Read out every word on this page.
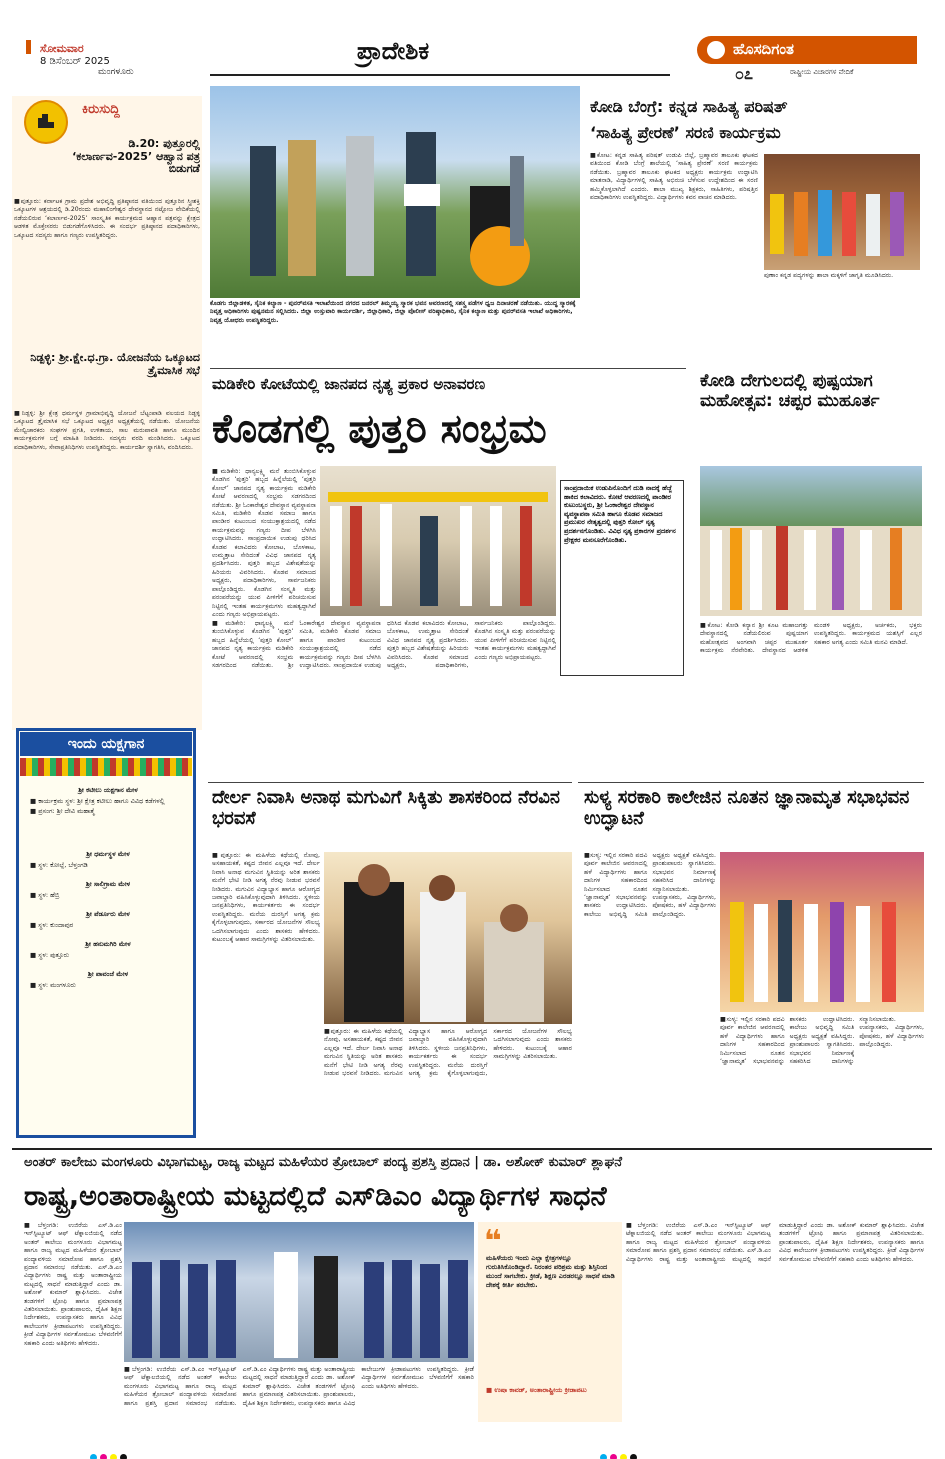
ಸೋಮವಾರ
8 ಡಿಸೆಂಬರ್ 2025
ಮಂಗಳೂರು
ಪ್ರಾದೇಶಿಕ	ಹೊಸದಿಗಂತ
೦೭	ರಾಷ್ಟ್ರೀಯ ವಿಚಾರಗಳ ವೇದಿಕೆ
ಕಿರುಸುದ್ದಿ
ಡಿ.20: ಪುತ್ತೂರಲ್ಲಿ ‘ಕಲಾರ್ಣವ-2025’ ಆಹ್ವಾನ ಪತ್ರ ಬಿಡುಗಡೆ
■ಪುತ್ತೂರು: ಕರ್ನಾಟಕ ಗ್ರಾಮ ಪ್ರದೇಶ ಅಭಿವೃದ್ಧಿ ಪ್ರತಿಷ್ಠಾನದ ವತಿಯಿಂದ ಪುತ್ತೂರಿನ ಸ್ತ್ರೀಶಕ್ತಿ ಒಕ್ಕೂಟಗಳ ಆಶ್ರಯದಲ್ಲಿ ಡಿ.20ರಂದು ಮಹಾಲಿಂಗೇಶ್ವರ ದೇವಸ್ಥಾನದ ನಟ್ಟೋಜ ವೇದಿಕೆಯಲ್ಲಿ ನಡೆಯಲಿರುವ ‘ಕಲಾರ್ಣವ-2025’ ಸಾಂಸ್ಕೃತಿಕ ಕಾರ್ಯಕ್ರಮದ ಆಹ್ವಾನ ಪತ್ರವನ್ನು ಕ್ಷೇತ್ರದ ಆಡಳಿತ ಮೊಕ್ತೇಸರರು ಬಿಡುಗಡೆಗೊಳಿಸಿದರು. ಈ ಸಂದರ್ಭ ಪ್ರತಿಷ್ಠಾನದ ಪದಾಧಿಕಾರಿಗಳು, ಒಕ್ಕೂಟದ ಸದಸ್ಯರು ಹಾಗೂ ಗಣ್ಯರು ಉಪಸ್ಥಿತರಿದ್ದರು.
ನಿಡ್ಪಳ್ಳಿ: ಶ್ರೀ.ಕ್ಷೇ.ಧ.ಗ್ರಾ. ಯೋಜನೆಯ ಒಕ್ಕೂಟದ ತ್ರೈಮಾಸಿಕ ಸಭೆ
■ನಿಡ್ಪಳ್ಳಿ: ಶ್ರೀ ಕ್ಷೇತ್ರ ಧರ್ಮಸ್ಥಳ ಗ್ರಾಮಾಭಿವೃದ್ಧಿ ಯೋಜನೆ ಬೆಟ್ಟಂಪಾಡಿ ವಲಯದ ನಿಡ್ಪಳ್ಳಿ ಒಕ್ಕೂಟದ ತ್ರೈಮಾಸಿಕ ಸಭೆ ಒಕ್ಕೂಟದ ಅಧ್ಯಕ್ಷರ ಅಧ್ಯಕ್ಷತೆಯಲ್ಲಿ ನಡೆಯಿತು. ಯೋಜನೆಯ ಮೇಲ್ವಿಚಾರಕರು ಸಂಘಗಳ ಪ್ರಗತಿ, ಉಳಿತಾಯ, ಸಾಲ ಮರುಪಾವತಿ ಹಾಗೂ ಮುಂದಿನ ಕಾರ್ಯಕ್ರಮಗಳ ಬಗ್ಗೆ ಮಾಹಿತಿ ನೀಡಿದರು. ಸದಸ್ಯರು ವರದಿ ಮಂಡಿಸಿದರು. ಒಕ್ಕೂಟದ ಪದಾಧಿಕಾರಿಗಳು, ಸೇವಾಪ್ರತಿನಿಧಿಗಳು ಉಪಸ್ಥಿತರಿದ್ದರು. ಕಾರ್ಯದರ್ಶಿ ಸ್ವಾಗತಿಸಿ, ವಂದಿಸಿದರು.
ಇಂದು ಯಕ್ಷಗಾನ
ಶ್ರೀ ಕಟೀಲು ಯಕ್ಷಗಾನ ಮೇಳ
■ ಕಾರ್ಯಕ್ರಮ ಸ್ಥಳ: ಶ್ರೀ ಕ್ಷೇತ್ರ ಕಟೀಲು ಹಾಗೂ ವಿವಿಧ ಕಡೆಗಳಲ್ಲಿ
■ ಪ್ರಸಂಗ: ಶ್ರೀ ದೇವಿ ಮಹಾತ್ಮೆ
ಶ್ರೀ ಧರ್ಮಸ್ಥಳ ಮೇಳ
■ ಸ್ಥಳ: ಕೋಲ್ಪೆ, ಬೆಳ್ತಂಗಡಿ
ಶ್ರೀ ಸಾಲಿಗ್ರಾಮ ಮೇಳ
■ ಸ್ಥಳ: ಹೆಬ್ರಿ
ಶ್ರೀ ಪೆರ್ಡೂರು ಮೇಳ
■ ಸ್ಥಳ: ಕುಂದಾಪುರ
ಶ್ರೀ ಹನುಮಗಿರಿ ಮೇಳ
■ ಸ್ಥಳ: ಪುತ್ತೂರು
ಶ್ರೀ ಪಾವಂಜೆ ಮೇಳ
■ ಸ್ಥಳ: ಮಂಗಳೂರು
ಕೊಡಗು ಜಿಲ್ಲಾಡಳಿತ, ಸೈನಿಕ ಕಲ್ಯಾಣ - ಪುನರ್‌ವಸತಿ ಇಲಾಖೆಯಿಂದ ನಗರದ ಜನರಲ್ ತಿಮ್ಮಯ್ಯ ಸ್ಮಾರಕ ಭವನ ಆವರಣದಲ್ಲಿ ಸಶಸ್ತ್ರ ಪಡೆಗಳ ಧ್ವಜ ದಿನಾಚರಣೆ ನಡೆಯಿತು. ಯುದ್ಧ ಸ್ಮಾರಕಕ್ಕೆ ನಿವೃತ್ತ ಅಧಿಕಾರಿಗಳು ಪುಷ್ಪನಮನ ಸಲ್ಲಿಸಿದರು. ಜಿಲ್ಲಾ ಉಸ್ತುವಾರಿ ಕಾರ್ಯದರ್ಶಿ, ಜಿಲ್ಲಾಧಿಕಾರಿ, ಜಿಲ್ಲಾ ಪೊಲೀಸ್ ವರಿಷ್ಠಾಧಿಕಾರಿ, ಸೈನಿಕ ಕಲ್ಯಾಣ ಮತ್ತು ಪುನರ್‌ವಸತಿ ಇಲಾಖೆ ಅಧಿಕಾರಿಗಳು, ನಿವೃತ್ತ ಯೋಧರು ಉಪಸ್ಥಿತರಿದ್ದರು.
ಕೋಡಿ ಬೆಂಗ್ರೆ: ಕನ್ನಡ ಸಾಹಿತ್ಯ ಪರಿಷತ್
‘ಸಾಹಿತ್ಯ ಪ್ರೇರಣೆ’ ಸರಣಿ ಕಾರ್ಯಕ್ರಮ
■ಕೋಟ: ಕನ್ನಡ ಸಾಹಿತ್ಯ ಪರಿಷತ್ ಉಡುಪಿ ಜಿಲ್ಲೆ, ಬ್ರಹ್ಮಾವರ ತಾಲೂಕು ಘಟಕದ ವತಿಯಿಂದ ಕೋಡಿ ಬೆಂಗ್ರೆ ಶಾಲೆಯಲ್ಲಿ ‘ಸಾಹಿತ್ಯ ಪ್ರೇರಣೆ’ ಸರಣಿ ಕಾರ್ಯಕ್ರಮ ನಡೆಯಿತು. ಬ್ರಹ್ಮಾವರ ತಾಲೂಕು ಘಟಕದ ಅಧ್ಯಕ್ಷರು ಕಾರ್ಯಕ್ರಮ ಉದ್ಘಾಟಿಸಿ ಮಾತನಾಡಿ, ವಿದ್ಯಾರ್ಥಿಗಳಲ್ಲಿ ಸಾಹಿತ್ಯ ಅಭಿರುಚಿ ಬೆಳೆಸುವ ಉದ್ದೇಶದಿಂದ ಈ ಸರಣಿ ಹಮ್ಮಿಕೊಳ್ಳಲಾಗಿದೆ ಎಂದರು. ಶಾಲಾ ಮುಖ್ಯ ಶಿಕ್ಷಕರು, ಸಾಹಿತಿಗಳು, ಪರಿಷತ್ತಿನ ಪದಾಧಿಕಾರಿಗಳು ಉಪಸ್ಥಿತರಿದ್ದರು. ವಿದ್ಯಾರ್ಥಿಗಳು ಕವನ ವಾಚನ ಮಾಡಿದರು.
ಪುಣಾಂ ಕನ್ನಡ ಪದ್ಯಗಳನ್ನು ಶಾಲಾ ಮಕ್ಕಳಿಗೆ ಜಾಗೃತಿ ಮೂಡಿಸಿದರು.
ಮಡಿಕೇರಿ ಕೋಟೆಯಲ್ಲಿ ಜಾನಪದ ನೃತ್ಯ ಪ್ರಕಾರ ಅನಾವರಣ
ಕೊಡಗಲ್ಲಿ ಪುತ್ತರಿ ಸಂಭ್ರಮ
■ಮಡಿಕೇರಿ: ಧಾನ್ಯಲಕ್ಷ್ಮಿ ಮನೆ ತುಂಬಿಸಿಕೊಳ್ಳುವ ಕೊಡಗಿನ ‘ಪುತ್ತರಿ’ ಹಬ್ಬದ ಹಿನ್ನೆಲೆಯಲ್ಲಿ ‘ಪುತ್ತರಿ ಕೋಲ್’ ಜಾನಪದ ನೃತ್ಯ ಕಾರ್ಯಕ್ರಮ ಮಡಿಕೇರಿ ಕೋಟೆ ಆವರಣದಲ್ಲಿ ಸಂಭ್ರಮ ಸಡಗರದಿಂದ ನಡೆಯಿತು. ಶ್ರೀ ಓಂಕಾರೇಶ್ವರ ದೇವಸ್ಥಾನ ವ್ಯವಸ್ಥಾಪನಾ ಸಮಿತಿ, ಮಡಿಕೇರಿ ಕೊಡವ ಸಮಾಜ ಹಾಗೂ ಪಾಂಡೀರ ಕುಟುಂಬದ ಸಂಯುಕ್ತಾಶ್ರಯದಲ್ಲಿ ನಡೆದ ಕಾರ್ಯಕ್ರಮವನ್ನು ಗಣ್ಯರು ದೀಪ ಬೆಳಗಿಸಿ ಉದ್ಘಾಟಿಸಿದರು. ಸಾಂಪ್ರದಾಯಿಕ ಉಡುಪು ಧರಿಸಿದ ಕೊಡವ ಕಲಾವಿದರು ಕೋಲಾಟ, ಬೊಳಕಾಟ, ಉಮ್ಮತ್ತಾಟ ಸೇರಿದಂತೆ ವಿವಿಧ ಜಾನಪದ ನೃತ್ಯ ಪ್ರದರ್ಶಿಸಿದರು. ಪುತ್ತರಿ ಹಬ್ಬದ ವಿಶೇಷತೆಯನ್ನು ಹಿರಿಯರು ವಿವರಿಸಿದರು. ಕೊಡವ ಸಮಾಜದ ಅಧ್ಯಕ್ಷರು, ಪದಾಧಿಕಾರಿಗಳು, ಸಾರ್ವಜನಿಕರು ಪಾಲ್ಗೊಂಡಿದ್ದರು. ಕೊಡಗಿನ ಸಂಸ್ಕೃತಿ ಮತ್ತು ಪರಂಪರೆಯನ್ನು ಯುವ ಪೀಳಿಗೆಗೆ ಪರಿಚಯಿಸುವ ನಿಟ್ಟಿನಲ್ಲಿ ಇಂತಹ ಕಾರ್ಯಕ್ರಮಗಳು ಮಹತ್ವದ್ದಾಗಿವೆ ಎಂದು ಗಣ್ಯರು ಅಭಿಪ್ರಾಯಪಟ್ಟರು.
ಸಾಂಪ್ರದಾಯಿಕ ಉಡುಪಿನೊಂದಿಗೆ ದುಡಿ ನಾದಕ್ಕೆ ಹೆಜ್ಜೆ ಹಾಕಿದ ಕಲಾವಿದರು. ಕೋಟೆ ಆವರಣದಲ್ಲಿ ಪಾಂಡೀರ ಕುಟುಂಬಸ್ಥರು, ಶ್ರೀ ಓಂಕಾರೇಶ್ವರ ದೇವಸ್ಥಾನ ವ್ಯವಸ್ಥಾಪನಾ ಸಮಿತಿ ಹಾಗೂ ಕೊಡವ ಸಮಾಜದ ಪ್ರಮುಖರ ನೇತೃತ್ವದಲ್ಲಿ ಪುತ್ತರಿ ಕೋಲ್ ನೃತ್ಯ ಪ್ರದರ್ಶನಗೊಂಡಿತು. ವಿವಿಧ ನೃತ್ಯ ಪ್ರಕಾರಗಳ ಪ್ರದರ್ಶನ ಪ್ರೇಕ್ಷಕರ ಮನಸೂರೆಗೊಂಡಿತು.
■ಮಡಿಕೇರಿ: ಧಾನ್ಯಲಕ್ಷ್ಮಿ ಮನೆ ತುಂಬಿಸಿಕೊಳ್ಳುವ ಕೊಡಗಿನ ‘ಪುತ್ತರಿ’ ಹಬ್ಬದ ಹಿನ್ನೆಲೆಯಲ್ಲಿ ‘ಪುತ್ತರಿ ಕೋಲ್’ ಜಾನಪದ ನೃತ್ಯ ಕಾರ್ಯಕ್ರಮ ಮಡಿಕೇರಿ ಕೋಟೆ ಆವರಣದಲ್ಲಿ ಸಂಭ್ರಮ ಸಡಗರದಿಂದ ನಡೆಯಿತು. ಶ್ರೀ ಓಂಕಾರೇಶ್ವರ ದೇವಸ್ಥಾನ ವ್ಯವಸ್ಥಾಪನಾ ಸಮಿತಿ, ಮಡಿಕೇರಿ ಕೊಡವ ಸಮಾಜ ಹಾಗೂ ಪಾಂಡೀರ ಕುಟುಂಬದ ಸಂಯುಕ್ತಾಶ್ರಯದಲ್ಲಿ ನಡೆದ ಕಾರ್ಯಕ್ರಮವನ್ನು ಗಣ್ಯರು ದೀಪ ಬೆಳಗಿಸಿ ಉದ್ಘಾಟಿಸಿದರು. ಸಾಂಪ್ರದಾಯಿಕ ಉಡುಪು ಧರಿಸಿದ ಕೊಡವ ಕಲಾವಿದರು ಕೋಲಾಟ, ಬೊಳಕಾಟ, ಉಮ್ಮತ್ತಾಟ ಸೇರಿದಂತೆ ವಿವಿಧ ಜಾನಪದ ನೃತ್ಯ ಪ್ರದರ್ಶಿಸಿದರು. ಪುತ್ತರಿ ಹಬ್ಬದ ವಿಶೇಷತೆಯನ್ನು ಹಿರಿಯರು ವಿವರಿಸಿದರು. ಕೊಡವ ಸಮಾಜದ ಅಧ್ಯಕ್ಷರು, ಪದಾಧಿಕಾರಿಗಳು, ಸಾರ್ವಜನಿಕರು ಪಾಲ್ಗೊಂಡಿದ್ದರು. ಕೊಡಗಿನ ಸಂಸ್ಕೃತಿ ಮತ್ತು ಪರಂಪರೆಯನ್ನು ಯುವ ಪೀಳಿಗೆಗೆ ಪರಿಚಯಿಸುವ ನಿಟ್ಟಿನಲ್ಲಿ ಇಂತಹ ಕಾರ್ಯಕ್ರಮಗಳು ಮಹತ್ವದ್ದಾಗಿವೆ ಎಂದು ಗಣ್ಯರು ಅಭಿಪ್ರಾಯಪಟ್ಟರು.
ಕೋಡಿ ದೇಗುಲದಲ್ಲಿ ಪುಷ್ಪಯಾಗ ಮಹೋತ್ಸವ: ಚಪ್ಪರ ಮುಹೂರ್ತ
■ಕೋಟ: ಕೋಡಿ ಕನ್ಯಾನ ಶ್ರೀ ಕೂಟ ಮಹಾಜಗತ್ತು ದೇವಸ್ಥಾನದಲ್ಲಿ ನಡೆಯಲಿರುವ ಪುಷ್ಪಯಾಗ ಮಹೋತ್ಸವದ ಅಂಗವಾಗಿ ಚಪ್ಪರ ಮುಹೂರ್ತ ಕಾರ್ಯಕ್ರಮ ನೆರವೇರಿತು. ದೇವಸ್ಥಾನದ ಆಡಳಿತ ಮಂಡಳಿ ಅಧ್ಯಕ್ಷರು, ಅರ್ಚಕರು, ಭಕ್ತರು ಉಪಸ್ಥಿತರಿದ್ದರು. ಕಾರ್ಯಕ್ರಮದ ಯಶಸ್ಸಿಗೆ ಎಲ್ಲರ ಸಹಕಾರ ಅಗತ್ಯ ಎಂದು ಸಮಿತಿ ಮನವಿ ಮಾಡಿದೆ.
ದೇರ್ಲ ನಿವಾಸಿ ಅನಾಥ ಮಗುವಿಗೆ ಸಿಕ್ಕಿತು ಶಾಸಕರಿಂದ ನೆರವಿನ ಭರವಸೆ
■ಪುತ್ತೂರು: ಈ ಮಹಿಳೆಯ ಕಥೆಯಲ್ಲಿ ನೋವು, ಅಸಹಾಯಕತೆ, ಕಷ್ಟದ ಜೀವನ ಎಲ್ಲವೂ ಇದೆ. ದೇರ್ಲ ನಿವಾಸಿ ಅನಾಥ ಮಗುವಿನ ಸ್ಥಿತಿಯನ್ನು ಅರಿತ ಶಾಸಕರು ಮನೆಗೆ ಭೇಟಿ ನೀಡಿ ಅಗತ್ಯ ನೆರವು ನೀಡುವ ಭರವಸೆ ನೀಡಿದರು. ಮಗುವಿನ ವಿದ್ಯಾಭ್ಯಾಸ ಹಾಗೂ ಆರೋಗ್ಯದ ಜವಾಬ್ದಾರಿ ವಹಿಸಿಕೊಳ್ಳುವುದಾಗಿ ತಿಳಿಸಿದರು. ಸ್ಥಳೀಯ ಜನಪ್ರತಿನಿಧಿಗಳು, ಕಾರ್ಯಕರ್ತರು ಈ ಸಂದರ್ಭ ಉಪಸ್ಥಿತರಿದ್ದರು. ಮನೆಯ ದುರಸ್ತಿಗೆ ಅಗತ್ಯ ಕ್ರಮ ಕೈಗೊಳ್ಳಲಾಗುವುದು, ಸರ್ಕಾರದ ಯೋಜನೆಗಳ ಸೌಲಭ್ಯ ಒದಗಿಸಲಾಗುವುದು ಎಂದು ಶಾಸಕರು ಹೇಳಿದರು. ಕುಟುಂಬಕ್ಕೆ ಆಹಾರ ಸಾಮಗ್ರಿಗಳನ್ನು ವಿತರಿಸಲಾಯಿತು.
■ಪುತ್ತೂರು: ಈ ಮಹಿಳೆಯ ಕಥೆಯಲ್ಲಿ ನೋವು, ಅಸಹಾಯಕತೆ, ಕಷ್ಟದ ಜೀವನ ಎಲ್ಲವೂ ಇದೆ. ದೇರ್ಲ ನಿವಾಸಿ ಅನಾಥ ಮಗುವಿನ ಸ್ಥಿತಿಯನ್ನು ಅರಿತ ಶಾಸಕರು ಮನೆಗೆ ಭೇಟಿ ನೀಡಿ ಅಗತ್ಯ ನೆರವು ನೀಡುವ ಭರವಸೆ ನೀಡಿದರು. ಮಗುವಿನ ವಿದ್ಯಾಭ್ಯಾಸ ಹಾಗೂ ಆರೋಗ್ಯದ ಜವಾಬ್ದಾರಿ ವಹಿಸಿಕೊಳ್ಳುವುದಾಗಿ ತಿಳಿಸಿದರು. ಸ್ಥಳೀಯ ಜನಪ್ರತಿನಿಧಿಗಳು, ಕಾರ್ಯಕರ್ತರು ಈ ಸಂದರ್ಭ ಉಪಸ್ಥಿತರಿದ್ದರು. ಮನೆಯ ದುರಸ್ತಿಗೆ ಅಗತ್ಯ ಕ್ರಮ ಕೈಗೊಳ್ಳಲಾಗುವುದು, ಸರ್ಕಾರದ ಯೋಜನೆಗಳ ಸೌಲಭ್ಯ ಒದಗಿಸಲಾಗುವುದು ಎಂದು ಶಾಸಕರು ಹೇಳಿದರು. ಕುಟುಂಬಕ್ಕೆ ಆಹಾರ ಸಾಮಗ್ರಿಗಳನ್ನು ವಿತರಿಸಲಾಯಿತು.
ಸುಳ್ಯ ಸರಕಾರಿ ಕಾಲೇಜಿನ ನೂತನ ಜ್ಞಾನಾಮೃತ ಸಭಾಭವನ ಉದ್ಘಾಟನೆ
■ಸುಳ್ಯ: ಇಲ್ಲಿನ ಸರಕಾರಿ ಪದವಿ ಪೂರ್ವ ಕಾಲೇಜಿನ ಆವರಣದಲ್ಲಿ ಹಳೆ ವಿದ್ಯಾರ್ಥಿಗಳು ಹಾಗೂ ದಾನಿಗಳ ಸಹಕಾರದಿಂದ ನಿರ್ಮಿಸಲಾದ ನೂತನ ‘ಜ್ಞಾನಾಮೃತ’ ಸಭಾಭವನವನ್ನು ಶಾಸಕರು ಉದ್ಘಾಟಿಸಿದರು. ಕಾಲೇಜು ಅಭಿವೃದ್ಧಿ ಸಮಿತಿ ಅಧ್ಯಕ್ಷರು ಅಧ್ಯಕ್ಷತೆ ವಹಿಸಿದ್ದರು. ಪ್ರಾಂಶುಪಾಲರು ಸ್ವಾಗತಿಸಿದರು. ಸಭಾಭವನ ನಿರ್ಮಾಣಕ್ಕೆ ಸಹಕರಿಸಿದ ದಾನಿಗಳನ್ನು ಸನ್ಮಾನಿಸಲಾಯಿತು. ಉಪನ್ಯಾಸಕರು, ವಿದ್ಯಾರ್ಥಿಗಳು, ಪೋಷಕರು, ಹಳೆ ವಿದ್ಯಾರ್ಥಿಗಳು ಪಾಲ್ಗೊಂಡಿದ್ದರು.
■ಸುಳ್ಯ: ಇಲ್ಲಿನ ಸರಕಾರಿ ಪದವಿ ಪೂರ್ವ ಕಾಲೇಜಿನ ಆವರಣದಲ್ಲಿ ಹಳೆ ವಿದ್ಯಾರ್ಥಿಗಳು ಹಾಗೂ ದಾನಿಗಳ ಸಹಕಾರದಿಂದ ನಿರ್ಮಿಸಲಾದ ನೂತನ ‘ಜ್ಞಾನಾಮೃತ’ ಸಭಾಭವನವನ್ನು ಶಾಸಕರು ಉದ್ಘಾಟಿಸಿದರು. ಕಾಲೇಜು ಅಭಿವೃದ್ಧಿ ಸಮಿತಿ ಅಧ್ಯಕ್ಷರು ಅಧ್ಯಕ್ಷತೆ ವಹಿಸಿದ್ದರು. ಪ್ರಾಂಶುಪಾಲರು ಸ್ವಾಗತಿಸಿದರು. ಸಭಾಭವನ ನಿರ್ಮಾಣಕ್ಕೆ ಸಹಕರಿಸಿದ ದಾನಿಗಳನ್ನು ಸನ್ಮಾನಿಸಲಾಯಿತು. ಉಪನ್ಯಾಸಕರು, ವಿದ್ಯಾರ್ಥಿಗಳು, ಪೋಷಕರು, ಹಳೆ ವಿದ್ಯಾರ್ಥಿಗಳು ಪಾಲ್ಗೊಂಡಿದ್ದರು.
ಅಂತರ್ ಕಾಲೇಜು ಮಂಗಳೂರು ವಿಭಾಗಮಟ್ಟ, ರಾಜ್ಯ ಮಟ್ಟದ ಮಹಿಳೆಯರ ತ್ರೋಬಾಲ್ ಪಂದ್ಯ ಪ್ರಶಸ್ತಿ ಪ್ರದಾನ | ಡಾ. ಅಶೋಕ್ ಕುಮಾರ್ ಶ್ಲಾಘನೆ
ರಾಷ್ಟ್ರ,ಅಂತಾರಾಷ್ಟ್ರೀಯ ಮಟ್ಟದಲ್ಲಿದೆ ಎಸ್‌ಡಿಎಂ ವಿದ್ಯಾರ್ಥಿಗಳ ಸಾಧನೆ
■ಬೆಳ್ತಂಗಡಿ: ಉಜಿರೆಯ ಎಸ್.ಡಿ.ಎಂ ಇನ್‌ಸ್ಟಿಟ್ಯೂಟ್ ಆಫ್ ಟೆಕ್ನಾಲಜಿಯಲ್ಲಿ ನಡೆದ ಅಂತರ್ ಕಾಲೇಜು ಮಂಗಳೂರು ವಿಭಾಗಮಟ್ಟ ಹಾಗೂ ರಾಜ್ಯ ಮಟ್ಟದ ಮಹಿಳೆಯರ ತ್ರೋಬಾಲ್ ಪಂದ್ಯಾವಳಿಯ ಸಮಾರೋಪ ಹಾಗೂ ಪ್ರಶಸ್ತಿ ಪ್ರದಾನ ಸಮಾರಂಭ ನಡೆಯಿತು. ಎಸ್.ಡಿ.ಎಂ ವಿದ್ಯಾರ್ಥಿಗಳು ರಾಷ್ಟ್ರ ಮತ್ತು ಅಂತಾರಾಷ್ಟ್ರೀಯ ಮಟ್ಟದಲ್ಲಿ ಸಾಧನೆ ಮಾಡುತ್ತಿದ್ದಾರೆ ಎಂದು ಡಾ. ಅಶೋಕ್ ಕುಮಾರ್ ಶ್ಲಾಘಿಸಿದರು. ವಿಜೇತ ತಂಡಗಳಿಗೆ ಟ್ರೋಫಿ ಹಾಗೂ ಪ್ರಮಾಣಪತ್ರ ವಿತರಿಸಲಾಯಿತು. ಪ್ರಾಂಶುಪಾಲರು, ದೈಹಿಕ ಶಿಕ್ಷಣ ನಿರ್ದೇಶಕರು, ಉಪನ್ಯಾಸಕರು ಹಾಗೂ ವಿವಿಧ ಕಾಲೇಜುಗಳ ಕ್ರೀಡಾಪಟುಗಳು ಉಪಸ್ಥಿತರಿದ್ದರು. ಕ್ರೀಡೆ ವಿದ್ಯಾರ್ಥಿಗಳ ಸರ್ವತೋಮುಖ ಬೆಳವಣಿಗೆಗೆ ಸಹಕಾರಿ ಎಂದು ಅತಿಥಿಗಳು ಹೇಳಿದರು.
■ಬೆಳ್ತಂಗಡಿ: ಉಜಿರೆಯ ಎಸ್.ಡಿ.ಎಂ ಇನ್‌ಸ್ಟಿಟ್ಯೂಟ್ ಆಫ್ ಟೆಕ್ನಾಲಜಿಯಲ್ಲಿ ನಡೆದ ಅಂತರ್ ಕಾಲೇಜು ಮಂಗಳೂರು ವಿಭಾಗಮಟ್ಟ ಹಾಗೂ ರಾಜ್ಯ ಮಟ್ಟದ ಮಹಿಳೆಯರ ತ್ರೋಬಾಲ್ ಪಂದ್ಯಾವಳಿಯ ಸಮಾರೋಪ ಹಾಗೂ ಪ್ರಶಸ್ತಿ ಪ್ರದಾನ ಸಮಾರಂಭ ನಡೆಯಿತು. ಎಸ್.ಡಿ.ಎಂ ವಿದ್ಯಾರ್ಥಿಗಳು ರಾಷ್ಟ್ರ ಮತ್ತು ಅಂತಾರಾಷ್ಟ್ರೀಯ ಮಟ್ಟದಲ್ಲಿ ಸಾಧನೆ ಮಾಡುತ್ತಿದ್ದಾರೆ ಎಂದು ಡಾ. ಅಶೋಕ್ ಕುಮಾರ್ ಶ್ಲಾಘಿಸಿದರು. ವಿಜೇತ ತಂಡಗಳಿಗೆ ಟ್ರೋಫಿ ಹಾಗೂ ಪ್ರಮಾಣಪತ್ರ ವಿತರಿಸಲಾಯಿತು. ಪ್ರಾಂಶುಪಾಲರು, ದೈಹಿಕ ಶಿಕ್ಷಣ ನಿರ್ದೇಶಕರು, ಉಪನ್ಯಾಸಕರು ಹಾಗೂ ವಿವಿಧ ಕಾಲೇಜುಗಳ ಕ್ರೀಡಾಪಟುಗಳು ಉಪಸ್ಥಿತರಿದ್ದರು. ಕ್ರೀಡೆ ವಿದ್ಯಾರ್ಥಿಗಳ ಸರ್ವತೋಮುಖ ಬೆಳವಣಿಗೆಗೆ ಸಹಕಾರಿ ಎಂದು ಅತಿಥಿಗಳು ಹೇಳಿದರು.
❝
ಮಹಿಳೆಯರು ಇಂದು ಎಲ್ಲಾ ಕ್ಷೇತ್ರಗಳಲ್ಲೂ ಗುರುತಿಸಿಕೊಂಡಿದ್ದಾರೆ. ನಿರಂತರ ಪರಿಶ್ರಮ ಮತ್ತು ಶಿಸ್ತಿನಿಂದ ಮುಂದೆ ಸಾಗಬೇಕು. ಕ್ರೀಡೆ, ಶಿಕ್ಷಣ ಎರಡರಲ್ಲೂ ಸಾಧನೆ ಮಾಡಿ ದೇಶಕ್ಕೆ ಕೀರ್ತಿ ತರಬೇಕು.
■ ಉಷಾ ಕಾವಡ್, ಅಂತಾರಾಷ್ಟ್ರೀಯ ಕ್ರೀಡಾಪಟು
■ಬೆಳ್ತಂಗಡಿ: ಉಜಿರೆಯ ಎಸ್.ಡಿ.ಎಂ ಇನ್‌ಸ್ಟಿಟ್ಯೂಟ್ ಆಫ್ ಟೆಕ್ನಾಲಜಿಯಲ್ಲಿ ನಡೆದ ಅಂತರ್ ಕಾಲೇಜು ಮಂಗಳೂರು ವಿಭಾಗಮಟ್ಟ ಹಾಗೂ ರಾಜ್ಯ ಮಟ್ಟದ ಮಹಿಳೆಯರ ತ್ರೋಬಾಲ್ ಪಂದ್ಯಾವಳಿಯ ಸಮಾರೋಪ ಹಾಗೂ ಪ್ರಶಸ್ತಿ ಪ್ರದಾನ ಸಮಾರಂಭ ನಡೆಯಿತು. ಎಸ್.ಡಿ.ಎಂ ವಿದ್ಯಾರ್ಥಿಗಳು ರಾಷ್ಟ್ರ ಮತ್ತು ಅಂತಾರಾಷ್ಟ್ರೀಯ ಮಟ್ಟದಲ್ಲಿ ಸಾಧನೆ ಮಾಡುತ್ತಿದ್ದಾರೆ ಎಂದು ಡಾ. ಅಶೋಕ್ ಕುಮಾರ್ ಶ್ಲಾಘಿಸಿದರು. ವಿಜೇತ ತಂಡಗಳಿಗೆ ಟ್ರೋಫಿ ಹಾಗೂ ಪ್ರಮಾಣಪತ್ರ ವಿತರಿಸಲಾಯಿತು. ಪ್ರಾಂಶುಪಾಲರು, ದೈಹಿಕ ಶಿಕ್ಷಣ ನಿರ್ದೇಶಕರು, ಉಪನ್ಯಾಸಕರು ಹಾಗೂ ವಿವಿಧ ಕಾಲೇಜುಗಳ ಕ್ರೀಡಾಪಟುಗಳು ಉಪಸ್ಥಿತರಿದ್ದರು. ಕ್ರೀಡೆ ವಿದ್ಯಾರ್ಥಿಗಳ ಸರ್ವತೋಮುಖ ಬೆಳವಣಿಗೆಗೆ ಸಹಕಾರಿ ಎಂದು ಅತಿಥಿಗಳು ಹೇಳಿದರು.
